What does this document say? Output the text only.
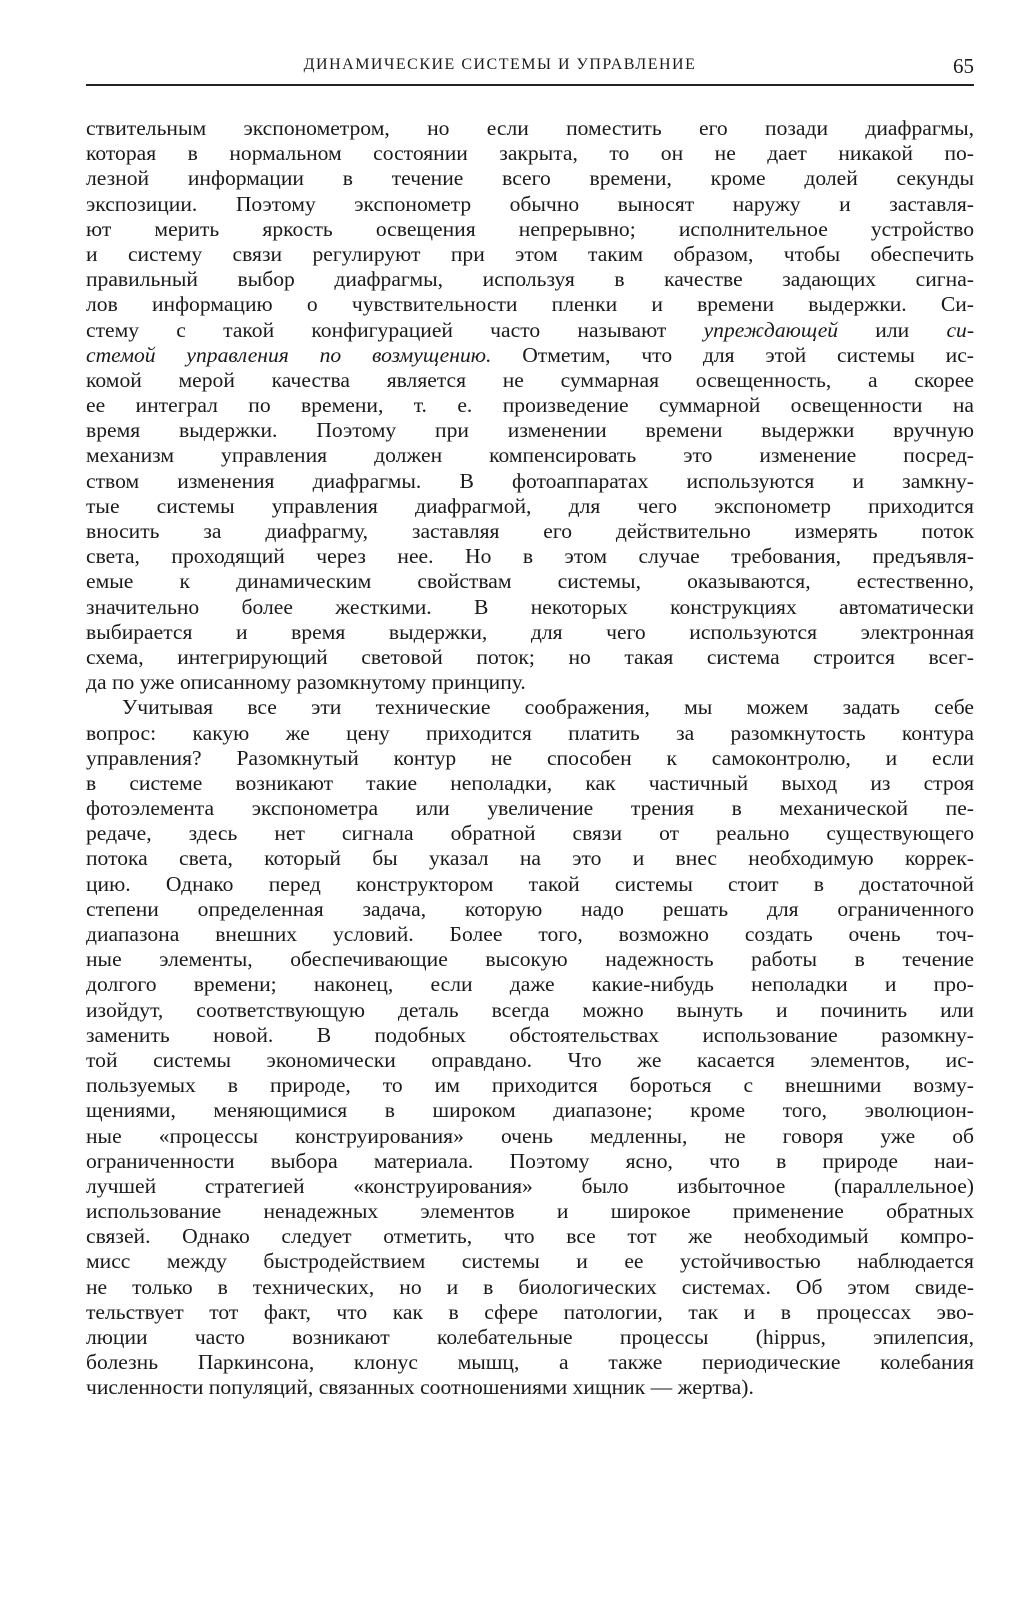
ДИНАМИЧЕСКИЕ СИСТЕМЫ И УПРАВЛЕНИЕ	65
ствительным экспонометром, но если поместить его позади диафрагмы,
которая в нормальном состоянии закрыта, то он не дает никакой по-
лезной информации в течение всего времени, кроме долей секунды
экспозиции. Поэтому экспонометр обычно выносят наружу и заставля-
ют мерить яркость освещения непрерывно; исполнительное устройство
и систему связи регулируют при этом таким образом, чтобы обеспечить
правильный выбор диафрагмы, используя в качестве задающих сигна-
лов информацию о чувствительности пленки и времени выдержки. Си-
стему с такой конфигурацией часто называют упреждающей или си-
стемой управления по возмущению. Отметим, что для этой системы ис-
комой мерой качества является не суммарная освещенность, а скорее
ее интеграл по времени, т. е. произведение суммарной освещенности на
время выдержки. Поэтому при изменении времени выдержки вручную
механизм управления должен компенсировать это изменение посред-
ством изменения диафрагмы. В фотоаппаратах используются и замкну-
тые системы управления диафрагмой, для чего экспонометр приходится
вносить за диафрагму, заставляя его действительно измерять поток
света, проходящий через нее. Но в этом случае требования, предъявля-
емые к динамическим свойствам системы, оказываются, естественно,
значительно более жесткими. В некоторых конструкциях автоматически
выбирается и время выдержки, для чего используются электронная
схема, интегрирующий световой поток; но такая система строится всег-
да по уже описанному разомкнутому принципу.
Учитывая все эти технические соображения, мы можем задать себе
вопрос: какую же цену приходится платить за разомкнутость контура
управления? Разомкнутый контур не способен к самоконтролю, и если
в системе возникают такие неполадки, как частичный выход из строя
фотоэлемента экспонометра или увеличение трения в механической пе-
редаче, здесь нет сигнала обратной связи от реально существующего
потока света, который бы указал на это и внес необходимую коррек-
цию. Однако перед конструктором такой системы стоит в достаточной
степени определенная задача, которую надо решать для ограниченного
диапазона внешних условий. Более того, возможно создать очень точ-
ные элементы, обеспечивающие высокую надежность работы в течение
долгого времени; наконец, если даже какие-нибудь неполадки и про-
изойдут, соответствующую деталь всегда можно вынуть и починить или
заменить новой. В подобных обстоятельствах использование разомкну-
той системы экономически оправдано. Что же касается элементов, ис-
пользуемых в природе, то им приходится бороться с внешними возму-
щениями, меняющимися в широком диапазоне; кроме того, эволюцион-
ные «процессы конструирования» очень медленны, не говоря уже об
ограниченности выбора материала. Поэтому ясно, что в природе наи-
лучшей стратегией «конструирования» было избыточное (параллельное)
использование ненадежных элементов и широкое применение обратных
связей. Однако следует отметить, что все тот же необходимый компро-
мисс между быстродействием системы и ее устойчивостью наблюдается
не только в технических, но и в биологических системах. Об этом свиде-
тельствует тот факт, что как в сфере патологии, так и в процессах эво-
люции часто возникают колебательные процессы (hippus, эпилепсия,
болезнь Паркинсона, клонус мышц, а также периодические колебания
численности популяций, связанных соотношениями хищник — жертва).
